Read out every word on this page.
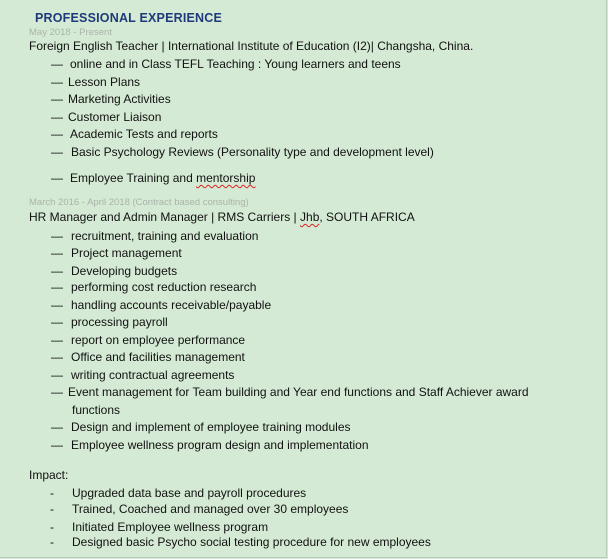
PROFESSIONAL EXPERIENCE
May 2018 - Present
Foreign English Teacher | International Institute of Education (I2)| Changsha, China.
— online and in Class TEFL Teaching : Young learners and teens
— Lesson Plans
— Marketing Activities
— Customer Liaison
— Academic Tests and reports
— Basic Psychology Reviews (Personality type and development level)
— Employee Training and mentorship
March 2016 - April 2018 (Contract based consulting)
HR Manager and Admin Manager | RMS Carriers | Jhb, SOUTH AFRICA
— recruitment, training and evaluation
— Project management
— Developing budgets
— performing cost reduction research
— handling accounts receivable/payable
— processing payroll
— report on employee performance
— Office and facilities management
— writing contractual agreements
— Event management for Team building and Year end functions and Staff Achiever award
functions
— Design and implement of employee training modules
— Employee wellness program design and implementation
Impact:
- Upgraded data base and payroll procedures
- Trained, Coached and managed over 30 employees
- Initiated Employee wellness program
- Designed basic Psycho social testing procedure for new employees
